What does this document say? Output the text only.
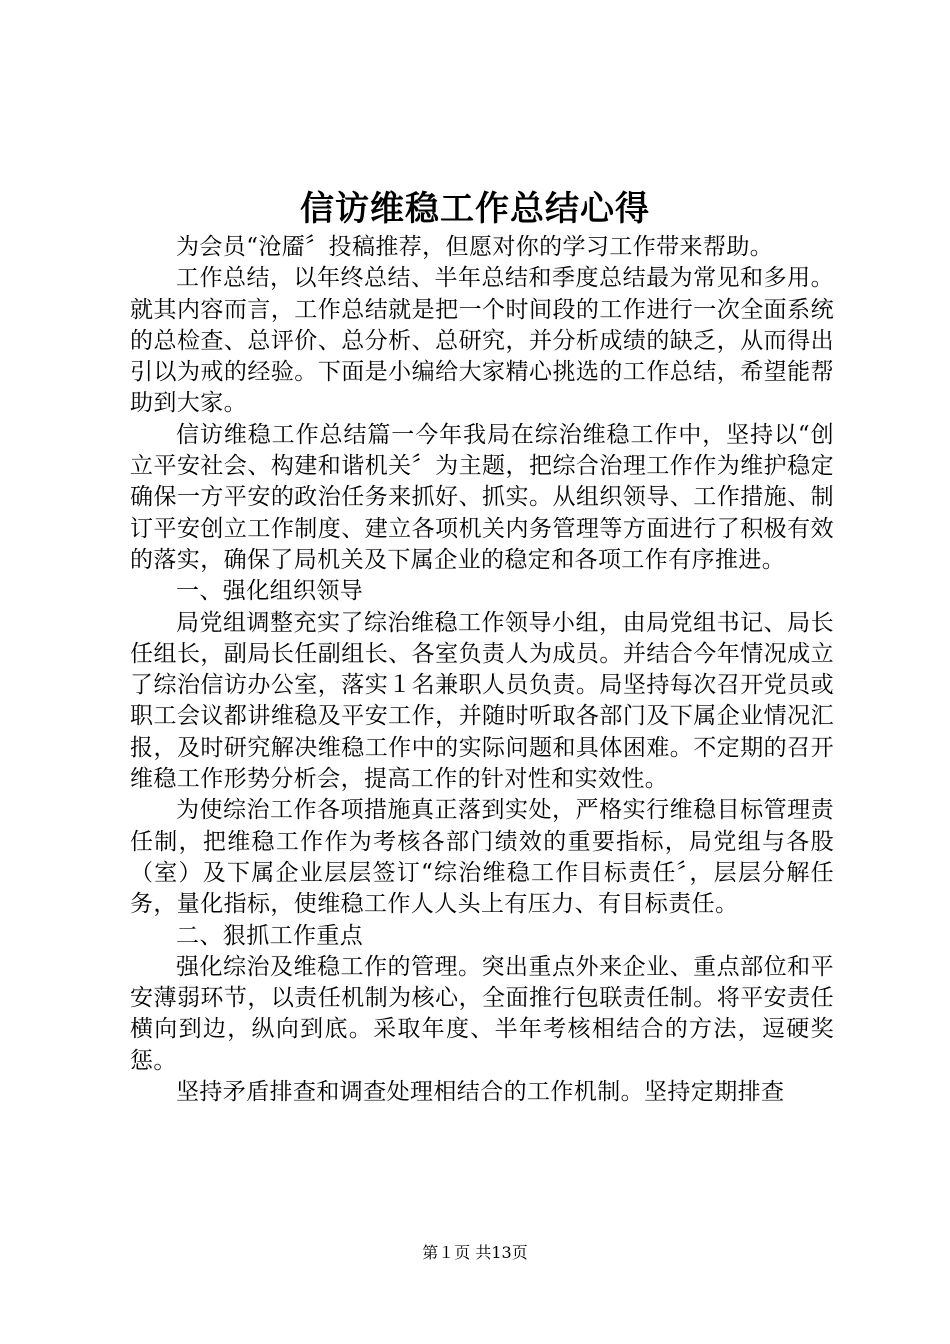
信访维稳工作总结心得

为会员“沧靥〞投稿推荐，但愿对你的学习工作带来帮助。

工作总结，以年终总结、半年总结和季度总结最为常见和多用。就其内容而言，工作总结就是把一个时间段的工作进行一次全面系统的总检查、总评价、总分析、总研究，并分析成绩的缺乏，从而得出引以为戒的经验。下面是小编给大家精心挑选的工作总结，希望能帮助到大家。

信访维稳工作总结篇一今年我局在综治维稳工作中，坚持以“创立平安社会、构建和谐机关〞为主题，把综合治理工作作为维护稳定确保一方平安的政治任务来抓好、抓实。从组织领导、工作措施、制订平安创立工作制度、建立各项机关内务管理等方面进行了积极有效的落实，确保了局机关及下属企业的稳定和各项工作有序推进。

一、强化组织领导

局党组调整充实了综治维稳工作领导小组，由局党组书记、局长任组长，副局长任副组长、各室负责人为成员。并结合今年情况成立了综治信访办公室，落实１名兼职人员负责。局坚持每次召开党员或职工会议都讲维稳及平安工作，并随时听取各部门及下属企业情况汇报，及时研究解决维稳工作中的实际问题和具体困难。不定期的召开维稳工作形势分析会，提高工作的针对性和实效性。

为使综治工作各项措施真正落到实处，严格实行维稳目标管理责任制，把维稳工作作为考核各部门绩效的重要指标，局党组与各股（室）及下属企业层层签订“综治维稳工作目标责任〞，层层分解任务，量化指标，使维稳工作人人头上有压力、有目标责任。

二、狠抓工作重点

强化综治及维稳工作的管理。突出重点外来企业、重点部位和平安薄弱环节，以责任机制为核心，全面推行包联责任制。将平安责任横向到边，纵向到底。采取年度、半年考核相结合的方法，逗硬奖惩。

坚持矛盾排查和调查处理相结合的工作机制。坚持定期排查

第１页 共13页
